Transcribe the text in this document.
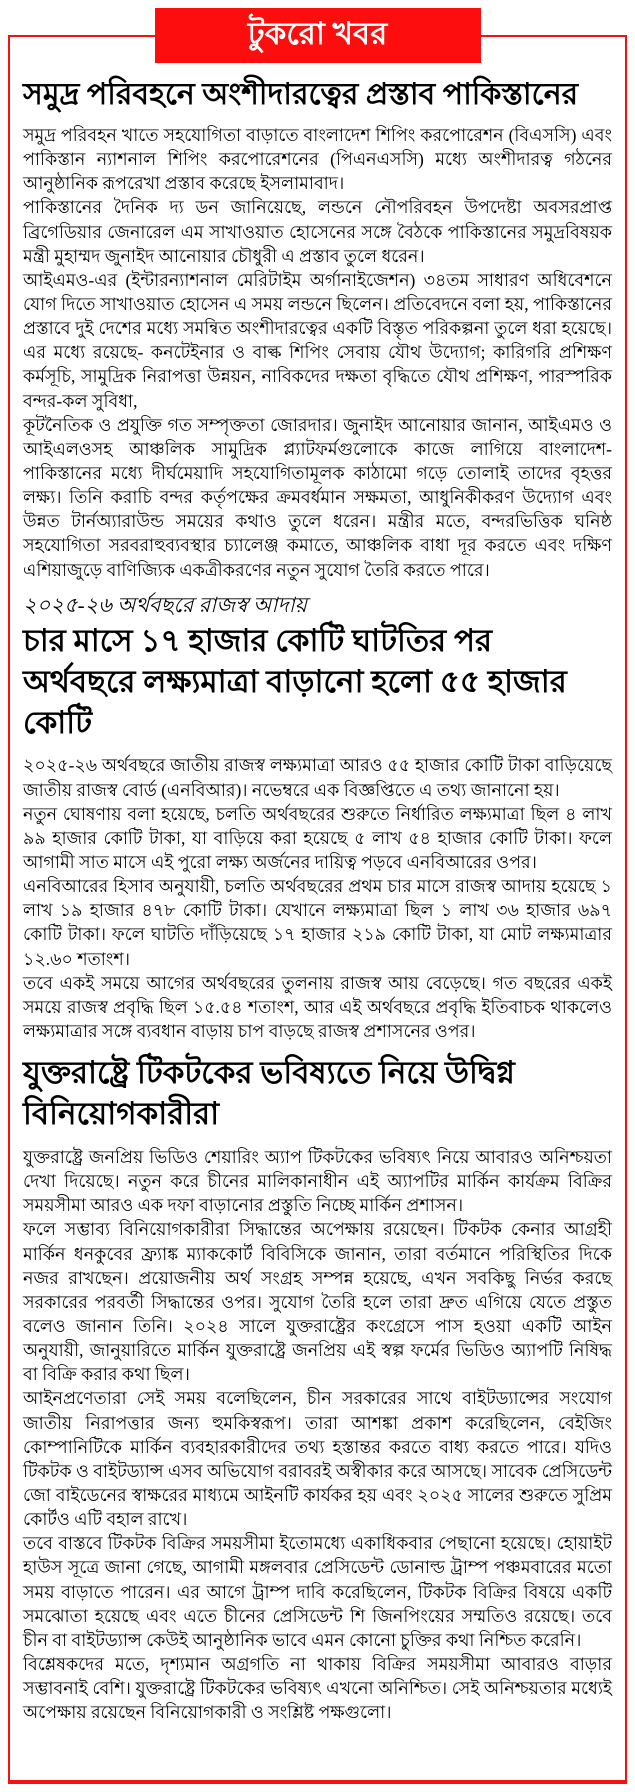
টুকরো খবর
সমুদ্র পরিবহনে অংশীদারত্বের প্রস্তাব পাকিস্তানের

সমুদ্র পরিবহন খাতে সহযোগিতা বাড়াতে বাংলাদেশ শিপিং করপোরেশন (বিএসসি) এবং পাকিস্তান ন্যাশনাল শিপিং করপোরেশনের (পিএনএসসি) মধ্যে অংশীদারত্ব গঠনের আনুষ্ঠানিক রূপরেখা প্রস্তাব করেছে ইসলামাবাদ।

পাকিস্তানের দৈনিক দ্য ডন জানিয়েছে, লন্ডনে নৌপরিবহন উপদেষ্টা অবসরপ্রাপ্ত ব্রিগেডিয়ার জেনারেল এম সাখাওয়াত হোসেনের সঙ্গে বৈঠকে পাকিস্তানের সমুদ্রবিষয়ক মন্ত্রী মুহাম্মদ জুনাইদ আনোয়ার চৌধুরী এ প্রস্তাব তুলে ধরেন।

আইএমও-এর (ইন্টারন্যাশনাল মেরিটাইম অর্গানাইজেশন) ৩৪তম সাধারণ অধিবেশনে যোগ দিতে সাখাওয়াত হোসেন এ সময় লন্ডনে ছিলেন। প্রতিবেদনে বলা হয়, পাকিস্তানের প্রস্তাবে দুই দেশের মধ্যে সমন্বিত অংশীদারত্বের একটি বিস্তৃত পরিকল্পনা তুলে ধরা হয়েছে। এর মধ্যে রয়েছে- কনটেইনার ও বাল্ক শিপিং সেবায় যৌথ উদ্যোগ; কারিগরি প্রশিক্ষণ কর্মসূচি, সামুদ্রিক নিরাপত্তা উন্নয়ন, নাবিকদের দক্ষতা বৃদ্ধিতে যৌথ প্রশিক্ষণ, পারস্পরিক বন্দর-কল সুবিধা,

কূটনৈতিক ও প্রযুক্তি গত সম্পৃক্ততা জোরদার। জুনাইদ আনোয়ার জানান, আইএমও ও আইএলওসহ আঞ্চলিক সামুদ্রিক প্ল্যাটফর্মগুলোকে কাজে লাগিয়ে বাংলাদেশ-পাকিস্তানের মধ্যে দীর্ঘমেয়াদি সহযোগিতামূলক কাঠামো গড়ে তোলাই তাদের বৃহত্তর লক্ষ্য। তিনি করাচি বন্দর কর্তৃপক্ষের ক্রমবর্ধমান সক্ষমতা, আধুনিকীকরণ উদ্যোগ এবং উন্নত টার্নঅ্যারাউন্ড সময়ের কথাও তুলে ধরেন। মন্ত্রীর মতে, বন্দরভিত্তিক ঘনিষ্ঠ সহযোগিতা সরবরাহুব্যবস্থার চ্যালেঞ্জ কমাতে, আঞ্চলিক বাধা দূর করতে এবং দক্ষিণ এশিয়াজুড়ে বাণিজ্যিক একত্রীকরণের নতুন সুযোগ তৈরি করতে পারে।

২০২৫-২৬ অর্থবছরে রাজস্ব আদায়
চার মাসে ১৭ হাজার কোটি ঘাটতির পর অর্থবছরে লক্ষ্যমাত্রা বাড়ানো হলো ৫৫ হাজার কোটি

২০২৫-২৬ অর্থবছরে জাতীয় রাজস্ব লক্ষ্যমাত্রা আরও ৫৫ হাজার কোটি টাকা বাড়িয়েছে জাতীয় রাজস্ব বোর্ড (এনবিআর)। নভেম্বরে এক বিজ্ঞপ্তিতে এ তথ্য জানানো হয়।

নতুন ঘোষণায় বলা হয়েছে, চলতি অর্থবছরের শুরুতে নির্ধারিত লক্ষ্যমাত্রা ছিল ৪ লাখ ৯৯ হাজার কোটি টাকা, যা বাড়িয়ে করা হয়েছে ৫ লাখ ৫৪ হাজার কোটি টাকা। ফলে আগামী সাত মাসে এই পুরো লক্ষ্য অর্জনের দায়িত্ব পড়বে এনবিআরের ওপর।

এনবিআরের হিসাব অনুযায়ী, চলতি অর্থবছরের প্রথম চার মাসে রাজস্ব আদায় হয়েছে ১ লাখ ১৯ হাজার ৪৭৮ কোটি টাকা। যেখানে লক্ষ্যমাত্রা ছিল ১ লাখ ৩৬ হাজার ৬৯৭ কোটি টাকা। ফলে ঘাটতি দাঁড়িয়েছে ১৭ হাজার ২১৯ কোটি টাকা, যা মোট লক্ষ্যমাত্রার ১২.৬০ শতাংশ।

তবে একই সময়ে আগের অর্থবছরের তুলনায় রাজস্ব আয় বেড়েছে। গত বছরের একই সময়ে রাজস্ব প্রবৃদ্ধি ছিল ১৫.৫৪ শতাংশ, আর এই অর্থবছরে প্রবৃদ্ধি ইতিবাচক থাকলেও লক্ষ্যমাত্রার সঙ্গে ব্যবধান বাড়ায় চাপ বাড়ছে রাজস্ব প্রশাসনের ওপর।

যুক্তরাষ্ট্রে টিকটকের ভবিষ্যতে নিয়ে উদ্বিগ্ন বিনিয়োগকারীরা

যুক্তরাষ্ট্রে জনপ্রিয় ভিডিও শেয়ারিং অ্যাপ টিকটকের ভবিষ্যৎ নিয়ে আবারও অনিশ্চয়তা দেখা দিয়েছে। নতুন করে চীনের মালিকানাধীন এই অ্যাপটির মার্কিন কার্যক্রম বিক্রির সময়সীমা আরও এক দফা বাড়ানোর প্রস্তুতি নিচ্ছে মার্কিন প্রশাসন।

ফলে সম্ভাব্য বিনিয়োগকারীরা সিদ্ধান্তের অপেক্ষায় রয়েছেন। টিকটক কেনার আগ্রহী মার্কিন ধনকুবের ফ্র্যাঙ্ক ম্যাককোর্ট বিবিসিকে জানান, তারা বর্তমানে পরিস্থিতির দিকে নজর রাখছেন। প্রয়োজনীয় অর্থ সংগ্রহ সম্পন্ন হয়েছে, এখন সবকিছু নির্ভর করছে সরকারের পরবর্তী সিদ্ধান্তের ওপর। সুযোগ তৈরি হলে তারা দ্রুত এগিয়ে যেতে প্রস্তুত বলেও জানান তিনি। ২০২৪ সালে যুক্তরাষ্ট্রের কংগ্রেসে পাস হওয়া একটি আইন অনুযায়ী, জানুয়ারিতে মার্কিন যুক্তরাষ্ট্রে জনপ্রিয় এই স্বল্প ফর্মের ভিডিও অ্যাপটি নিষিদ্ধ বা বিক্রি করার কথা ছিল।

আইনপ্রণেতারা সেই সময় বলেছিলেন, চীন সরকারের সাথে বাইটড্যান্সের সংযোগ জাতীয় নিরাপত্তার জন্য হুমকিস্বরূপ। তারা আশঙ্কা প্রকাশ করেছিলেন, বেইজিং কোম্পানিটিকে মার্কিন ব্যবহারকারীদের তথ্য হস্তান্তর করতে বাধ্য করতে পারে। যদিও টিকটক ও বাইটড্যান্স এসব অভিযোগ বরাবরই অস্বীকার করে আসছে। সাবেক প্রেসিডেন্ট জো বাইডেনের স্বাক্ষরের মাধ্যমে আইনটি কার্যকর হয় এবং ২০২৫ সালের শুরুতে সুপ্রিম কোর্টও এটি বহাল রাখে।

তবে বাস্তবে টিকটক বিক্রির সময়সীমা ইতোমধ্যে একাধিকবার পেছানো হয়েছে। হোয়াইট হাউস সূত্রে জানা গেছে, আগামী মঙ্গলবার প্রেসিডেন্ট ডোনাল্ড ট্রাম্প পঞ্চমবারের মতো সময় বাড়াতে পারেন। এর আগে ট্রাম্প দাবি করেছিলেন, টিকটক বিক্রির বিষয়ে একটি সমঝোতা হয়েছে এবং এতে চীনের প্রেসিডেন্ট শি জিনপিংয়ের সম্মতিও রয়েছে। তবে চীন বা বাইটড্যান্স কেউই আনুষ্ঠানিক ভাবে এমন কোনো চুক্তির কথা নিশ্চিত করেনি।

বিশ্লেষকদের মতে, দৃশ্যমান অগ্রগতি না থাকায় বিক্রির সময়সীমা আবারও বাড়ার সম্ভাবনাই বেশি। যুক্তরাষ্ট্রে টিকটকের ভবিষ্যৎ এখনো অনিশ্চিত। সেই অনিশ্চয়তার মধ্যেই অপেক্ষায় রয়েছেন বিনিয়োগকারী ও সংশ্লিষ্ট পক্ষগুলো।
